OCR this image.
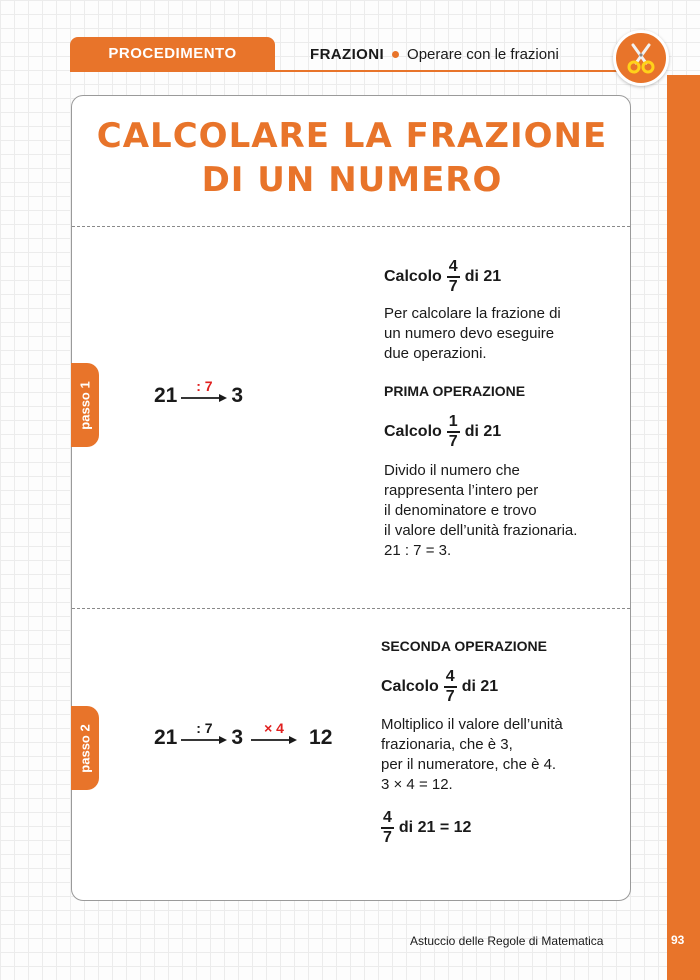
PROCEDIMENTO	FRAZIONI Operare con le frazioni
CALCOLARE LA FRAZIONE
DI UN NUMERO
passo 1	21 : 7 3
Calcolo $\frac{4}{7}$ di 21
Per calcolare la frazione di
un numero devo eseguire
due operazioni.
PRIMA OPERAZIONE
Calcolo $\frac{1}{7}$ di 21
Divido il numero che
rappresenta l’intero per
il denominatore e trovo
il valore dell’unità frazionaria.
21 : 7 = 3.
passo 2	21 : 7 3 × 4 12
SECONDA OPERAZIONE
Calcolo $\frac{4}{7}$ di 21
Moltiplico il valore dell’unità
frazionaria, che è 3,
per il numeratore, che è 4.
3 × 4 = 12.
$\frac{4}{7}$ di 21 = 12
Astuccio delle Regole di Matematica	93
